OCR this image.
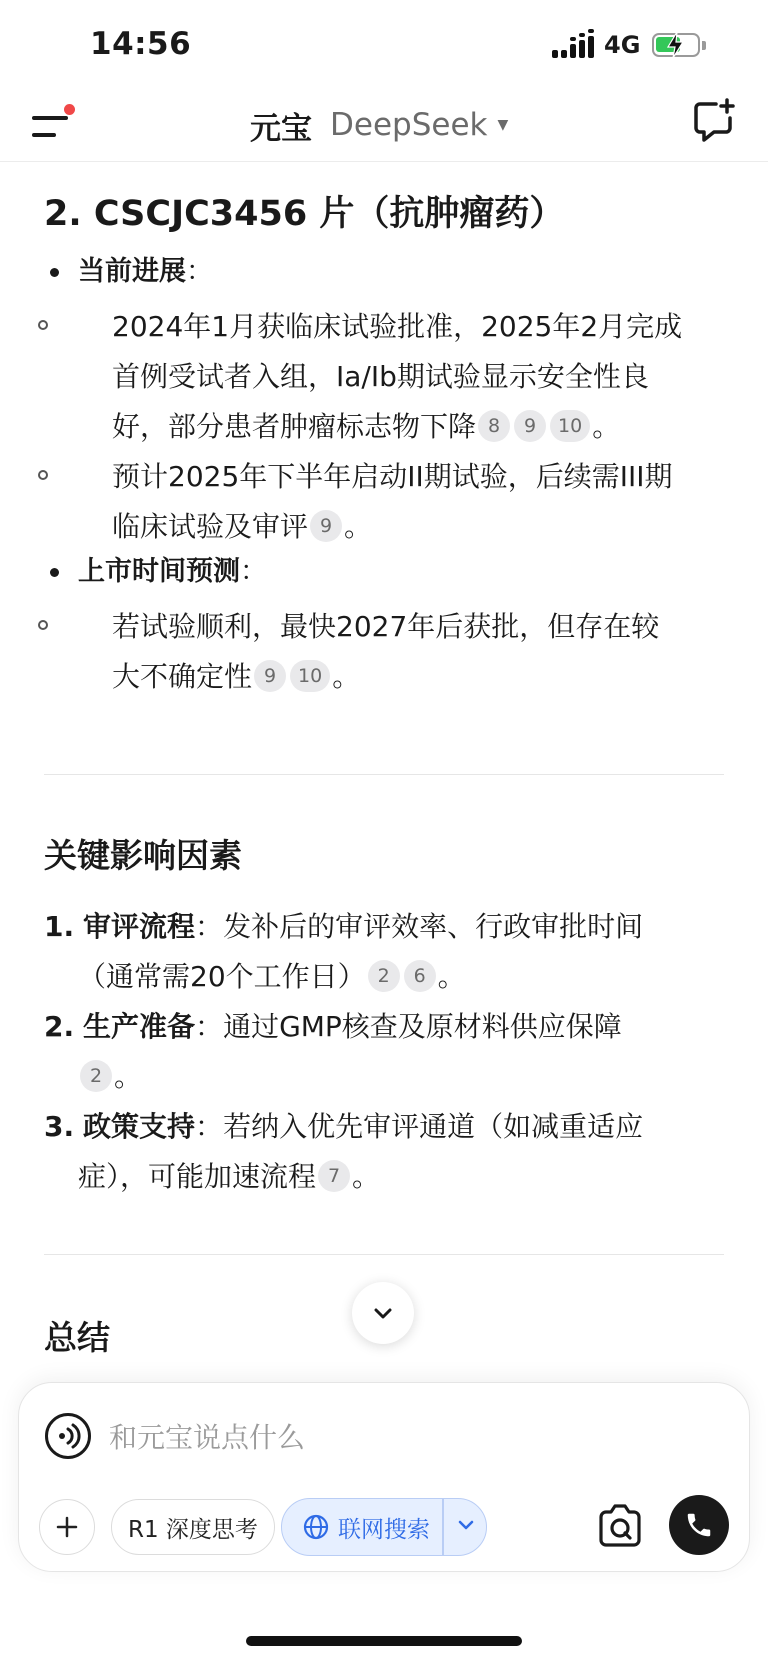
14:56	4G
元宝 DeepSeek ▼
2. CSCJC3456 片（抗肿瘤药）
当前进展：
2024年1月获临床试验批准，2025年2月完成
首例受试者入组，Ia/Ib期试验显示安全性良
好，部分患者肿瘤标志物下降 8 9 10 。
预计2025年下半年启动II期试验，后续需III期
临床试验及审评 9 。
上市时间预测：
若试验顺利，最快2027年后获批，但存在较
大不确定性 9 10 。
关键影响因素
1. 审评流程：发补后的审评效率、行政审批时间
（通常需20个工作日） 2 6 。
2. 生产准备：通过GMP核查及原材料供应保障
2 。
3. 政策支持：若纳入优先审评通道（如减重适应
症），可能加速流程 7 。
总结
和元宝说点什么
R1 深度思考	联网搜索
